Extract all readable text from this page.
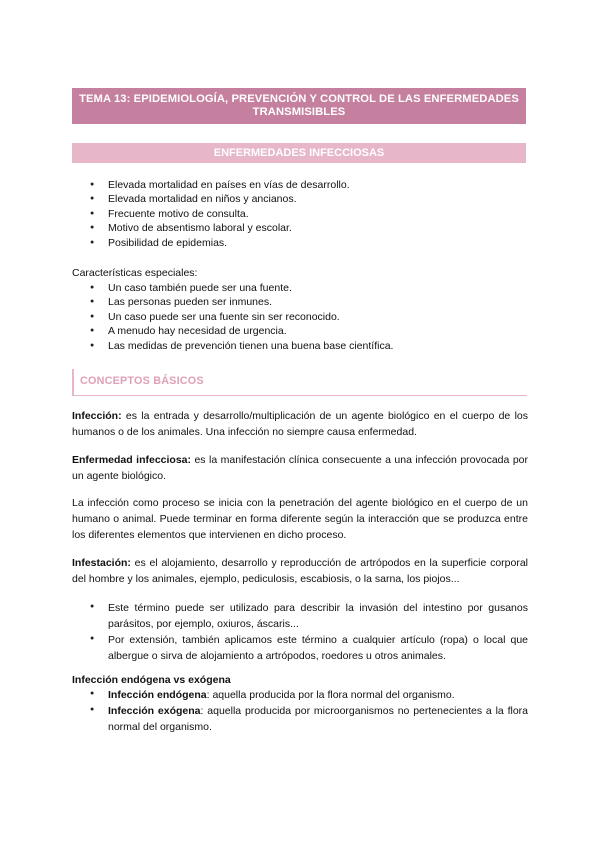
TEMA 13: EPIDEMIOLOGÍA, PREVENCIÓN Y CONTROL DE LAS ENFERMEDADES TRANSMISIBLES
ENFERMEDADES INFECCIOSAS
● Elevada mortalidad en países en vías de desarrollo.
● Elevada mortalidad en niños y ancianos.
● Frecuente motivo de consulta.
● Motivo de absentismo laboral y escolar.
● Posibilidad de epidemias.
Características especiales:
● Un caso también puede ser una fuente.
● Las personas pueden ser inmunes.
● Un caso puede ser una fuente sin ser reconocido.
● A menudo hay necesidad de urgencia.
● Las medidas de prevención tienen una buena base científica.
CONCEPTOS BÁSICOS
Infección: es la entrada y desarrollo/multiplicación de un agente biológico en el cuerpo de los humanos o de los animales. Una infección no siempre causa enfermedad.
Enfermedad infecciosa: es la manifestación clínica consecuente a una infección provocada por un agente biológico.
La infección como proceso se inicia con la penetración del agente biológico en el cuerpo de un humano o animal. Puede terminar en forma diferente según la interacción que se produzca entre los diferentes elementos que intervienen en dicho proceso.
Infestación: es el alojamiento, desarrollo y reproducción de artrópodos en la superficie corporal del hombre y los animales, ejemplo, pediculosis, escabiosis, o la sarna, los piojos...
● Este término puede ser utilizado para describir la invasión del intestino por gusanos parásitos, por ejemplo, oxiuros, áscaris...
● Por extensión, también aplicamos este término a cualquier artículo (ropa) o local que albergue o sirva de alojamiento a artrópodos, roedores u otros animales.
Infección endógena vs exógena
● Infección endógena: aquella producida por la flora normal del organismo.
● Infección exógena: aquella producida por microorganismos no pertenecientes a la flora normal del organismo.
